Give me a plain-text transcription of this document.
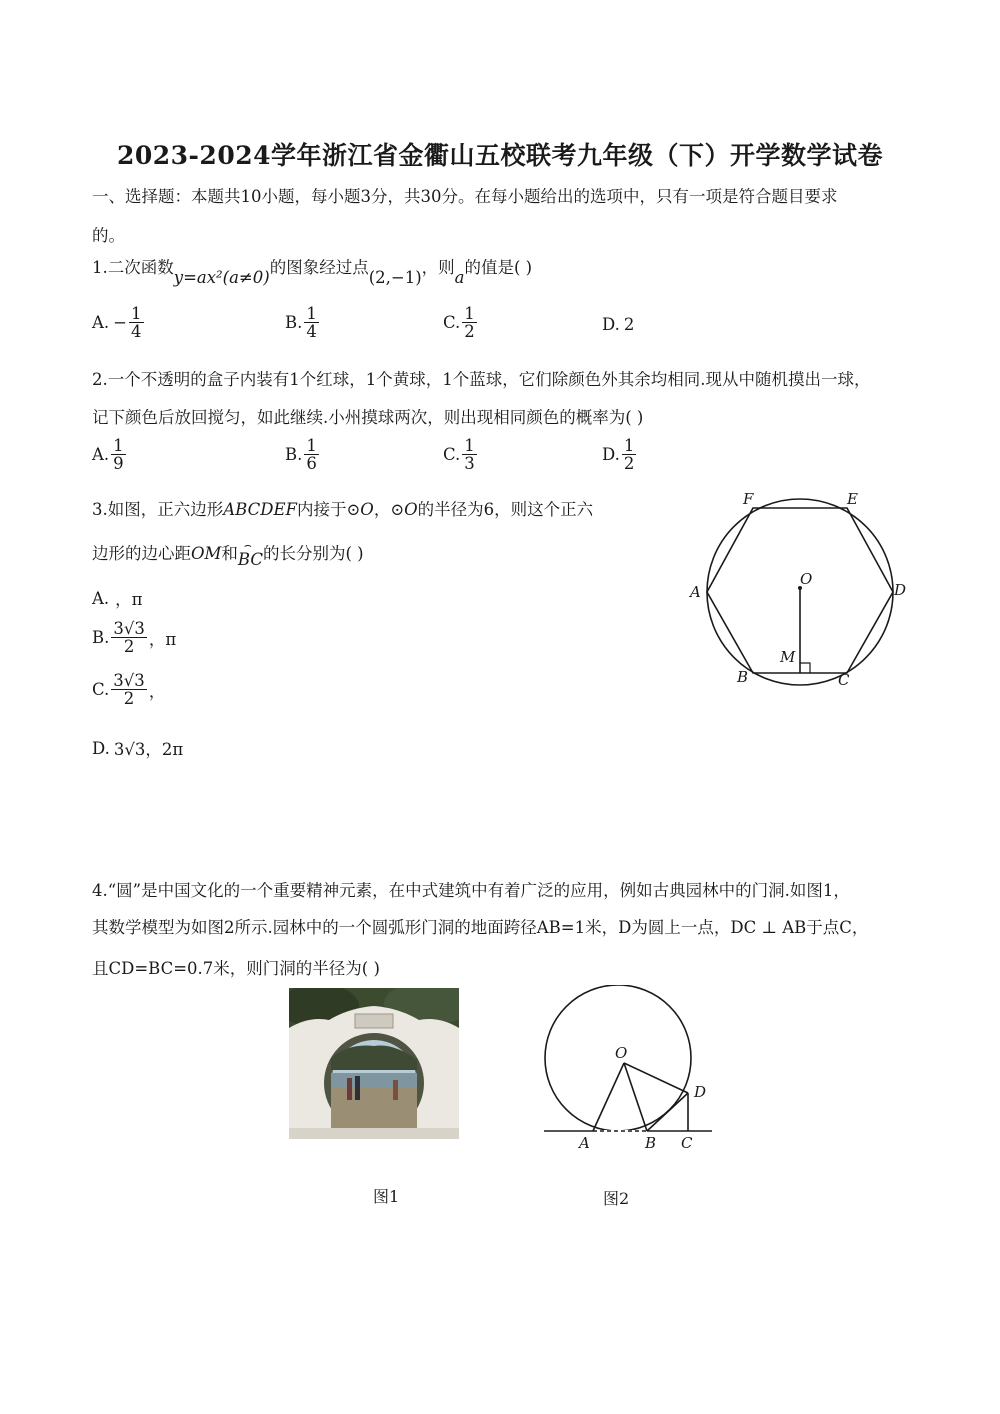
2023-2024学年浙江省金衢山五校联考九年级（下）开学数学试卷
一、选择题：本题共10小题，每小题3分，共30分。在每小题给出的选项中，只有一项是符合题目要求
的。
1.二次函数y=ax²(a≠0)的图象经过点(2,−1)，则a的值是( )
A. − $\frac{1}{4}$	B. $\frac{1}{4}$	C. $\frac{1}{2}$	D. 2
2.一个不透明的盒子内装有1个红球，1个黄球，1个蓝球，它们除颜色外其余均相同.现从中随机摸出一球，
记下颜色后放回搅匀，如此继续.小州摸球两次，则出现相同颜色的概率为( )
A. $\frac{1}{9}$	B. $\frac{1}{6}$	C. $\frac{1}{3}$	D. $\frac{1}{2}$
3.如图，正六边形ABCDEF内接于⊙O，⊙O的半径为6，则这个正六
边形的边心距OM和 ⌢
BC的长分别为( )
A. ，π
B. $\frac{3√3}{2}$ ，π
C. $\frac{3√3}{2}$ ，
D. 3√3，2π
F	E
A	D
O
M
B	C
4.“圆”是中国文化的一个重要精神元素，在中式建筑中有着广泛的应用，例如古典园林中的门洞.如图1，
其数学模型为如图2所示.园林中的一个圆弧形门洞的地面跨径AB=1米，D为圆上一点，DC ⊥ AB于点C，
且CD=BC=0.7米，则门洞的半径为( )
O
D
A	B C
图1	图2
